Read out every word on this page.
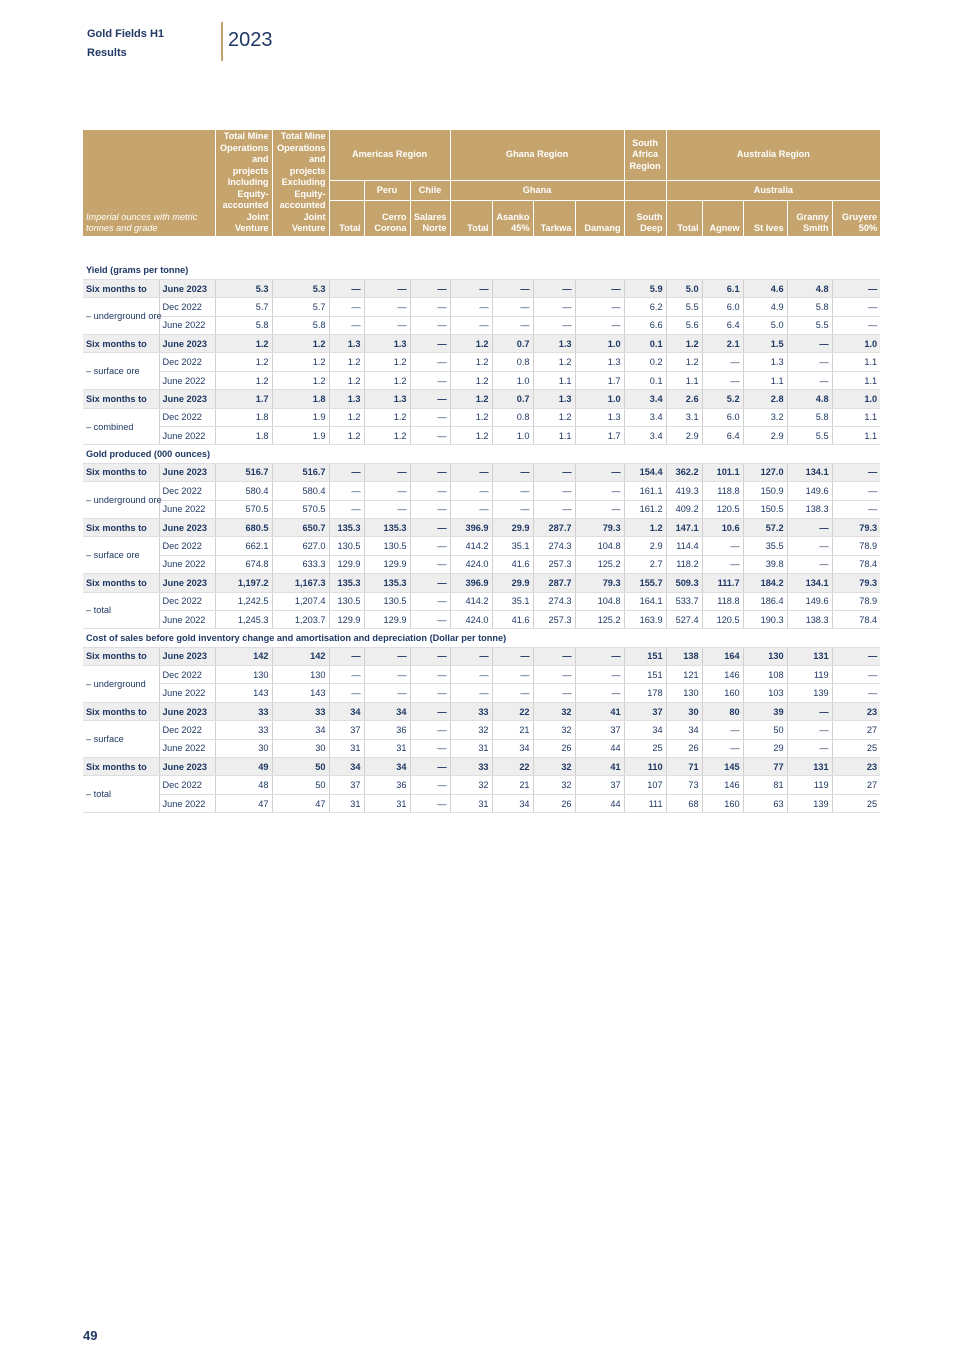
Gold Fields H1
Results
2023
Imperial ounces with metric tonnes and grade		Total Mine Operations and projects Including Equity-accounted Joint Venture	Total Mine Operations and projects Excluding Equity-accounted Joint Venture	Americas Region			Ghana Region				South Africa Region	Australia Region				
					Peru	Chile	Ghana					Australia				
				Total	Cerro Corona	Salares Norte	Total	Asanko 45%	Tarkwa	Damang	South Deep	Total	Agnew	St Ives	Granny Smith	Gruyere 50%

Yield (grams per tonne)																
Six months to	June 2023	5.3	5.3	—	—	—	—	—	—	—	5.9	5.0	6.1	4.6	4.8	—
– underground ore	Dec 2022	5.7	5.7	—	—	—	—	—	—	—	6.2	5.5	6.0	4.9	5.8	—
	June 2022	5.8	5.8	—	—	—	—	—	—	—	6.6	5.6	6.4	5.0	5.5	—
Six months to	June 2023	1.2	1.2	1.3	1.3	—	1.2	0.7	1.3	1.0	0.1	1.2	2.1	1.5	—	1.0
– surface ore	Dec 2022	1.2	1.2	1.2	1.2	—	1.2	0.8	1.2	1.3	0.2	1.2	—	1.3	—	1.1
	June 2022	1.2	1.2	1.2	1.2	—	1.2	1.0	1.1	1.7	0.1	1.1	—	1.1	—	1.1
Six months to	June 2023	1.7	1.8	1.3	1.3	—	1.2	0.7	1.3	1.0	3.4	2.6	5.2	2.8	4.8	1.0
– combined	Dec 2022	1.8	1.9	1.2	1.2	—	1.2	0.8	1.2	1.3	3.4	3.1	6.0	3.2	5.8	1.1
	June 2022	1.8	1.9	1.2	1.2	—	1.2	1.0	1.1	1.7	3.4	2.9	6.4	2.9	5.5	1.1
Gold produced (000 ounces)																
Six months to	June 2023	516.7	516.7	—	—	—	—	—	—	—	154.4	362.2	101.1	127.0	134.1	—
– underground ore	Dec 2022	580.4	580.4	—	—	—	—	—	—	—	161.1	419.3	118.8	150.9	149.6	—
	June 2022	570.5	570.5	—	—	—	—	—	—	—	161.2	409.2	120.5	150.5	138.3	—
Six months to	June 2023	680.5	650.7	135.3	135.3	—	396.9	29.9	287.7	79.3	1.2	147.1	10.6	57.2	—	79.3
– surface ore	Dec 2022	662.1	627.0	130.5	130.5	—	414.2	35.1	274.3	104.8	2.9	114.4	—	35.5	—	78.9
	June 2022	674.8	633.3	129.9	129.9	—	424.0	41.6	257.3	125.2	2.7	118.2	—	39.8	—	78.4
Six months to	June 2023	1,197.2	1,167.3	135.3	135.3	—	396.9	29.9	287.7	79.3	155.7	509.3	111.7	184.2	134.1	79.3
– total	Dec 2022	1,242.5	1,207.4	130.5	130.5	—	414.2	35.1	274.3	104.8	164.1	533.7	118.8	186.4	149.6	78.9
	June 2022	1,245.3	1,203.7	129.9	129.9	—	424.0	41.6	257.3	125.2	163.9	527.4	120.5	190.3	138.3	78.4
Cost of sales before gold inventory change and amortisation and depreciation (Dollar per tonne)																
Six months to	June 2023	142	142	—	—	—	—	—	—	—	151	138	164	130	131	—
– underground	Dec 2022	130	130	—	—	—	—	—	—	—	151	121	146	108	119	—
	June 2022	143	143	—	—	—	—	—	—	—	178	130	160	103	139	—
Six months to	June 2023	33	33	34	34	—	33	22	32	41	37	30	80	39	—	23
– surface	Dec 2022	33	34	37	36	—	32	21	32	37	34	34	—	50	—	27
	June 2022	30	30	31	31	—	31	34	26	44	25	26	—	29	—	25
Six months to	June 2023	49	50	34	34	—	33	22	32	41	110	71	145	77	131	23
– total	Dec 2022	48	50	37	36	—	32	21	32	37	107	73	146	81	119	27
	June 2022	47	47	31	31	—	31	34	26	44	111	68	160	63	139	25
49
